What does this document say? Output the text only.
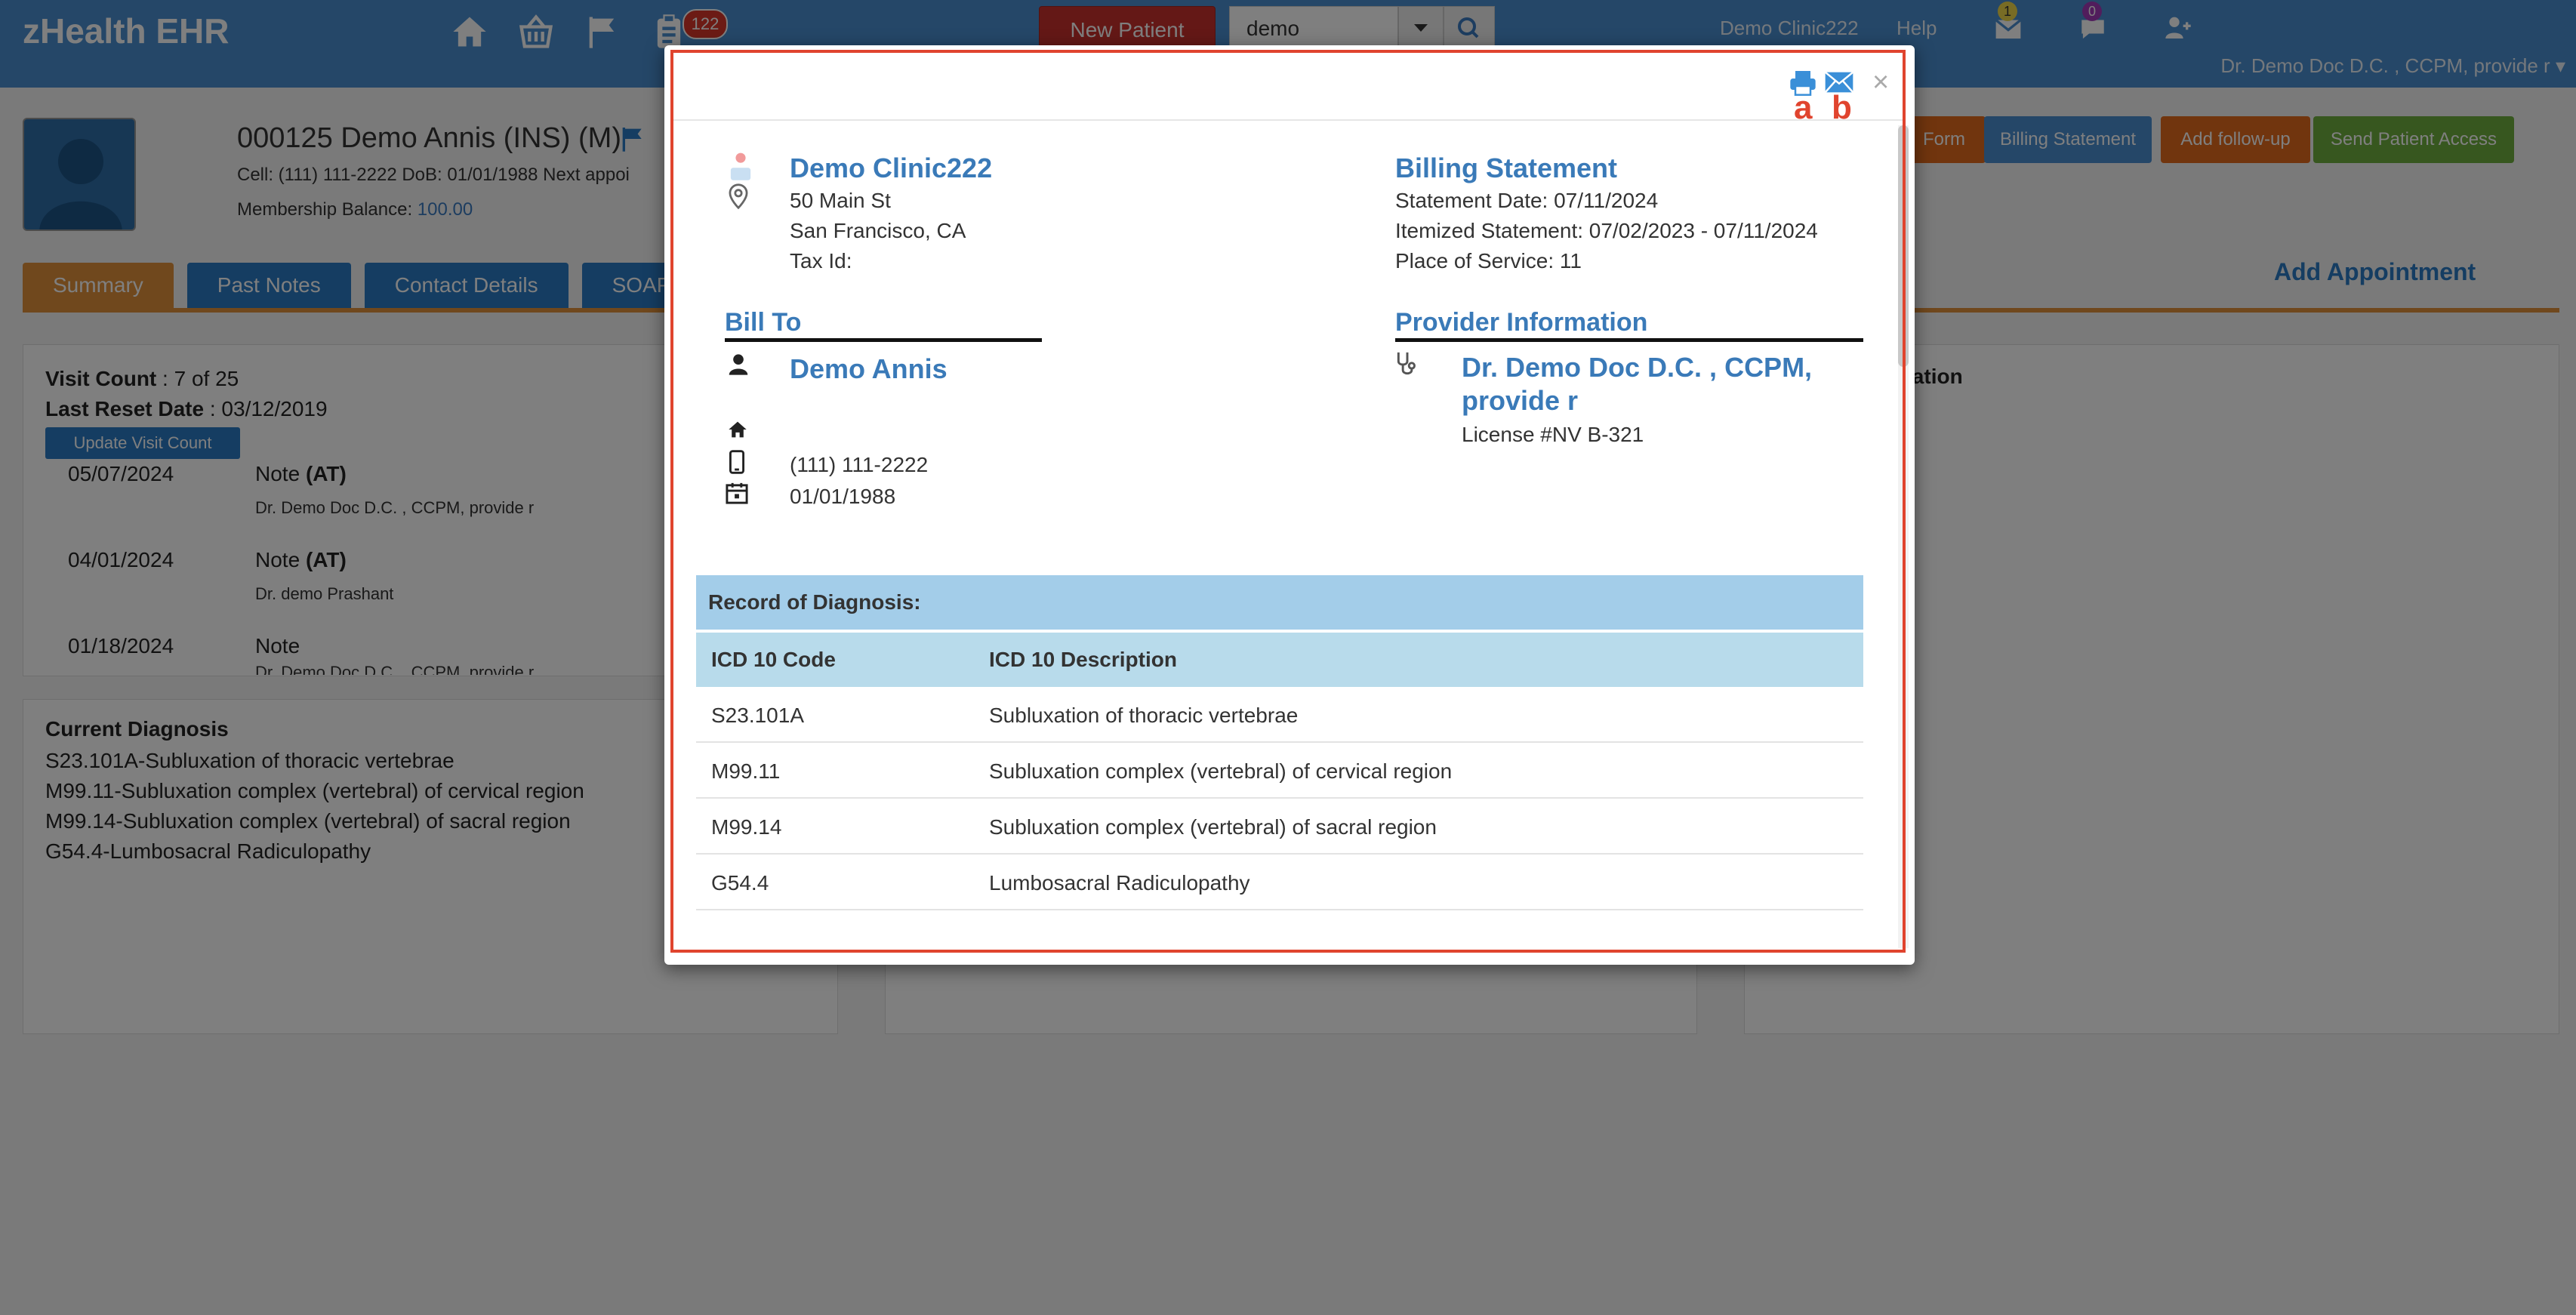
a b
×
Demo Clinic222
50 Main St
San Francisco, CA
Tax Id:
Billing Statement
Statement Date: 07/11/2024
Itemized Statement: 07/02/2023 - 07/11/2024
Place of Service: 11
Bill To
Demo Annis
(111) 111-2222
01/01/1988
Provider Information
Dr. Demo Doc D.C. , CCPM,
provide r
License #NV B-321
Record of Diagnosis:
ICD 10 Code	ICD 10 Description
S23.101A	Subluxation of thoracic vertebrae
M99.11	Subluxation complex (vertebral) of cervical region
M99.14	Subluxation complex (vertebral) of sacral region
G54.4	Lumbosacral Radiculopathy
